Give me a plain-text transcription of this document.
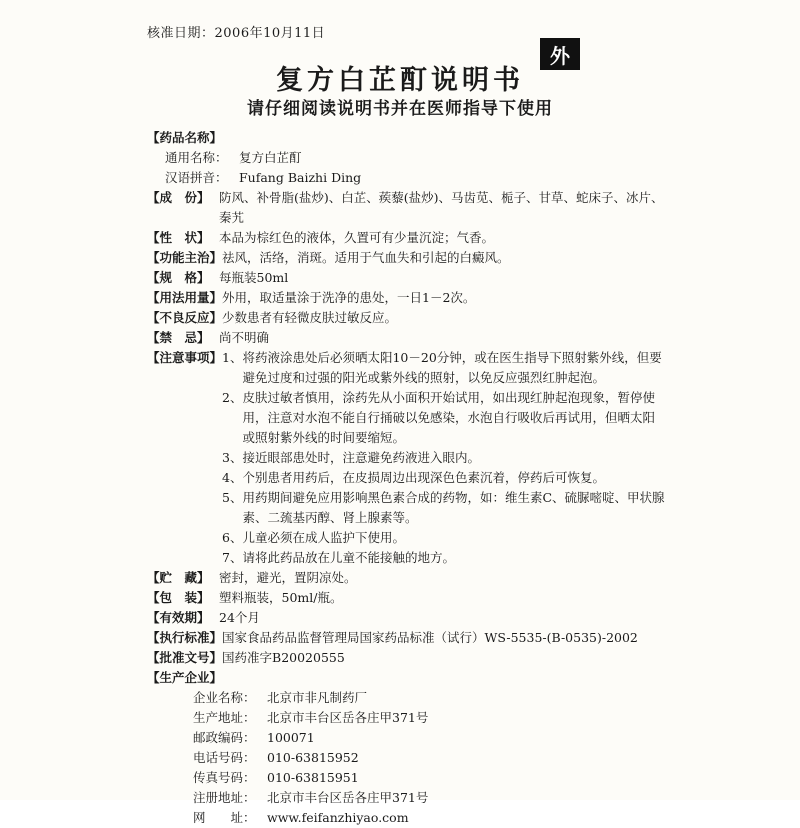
核准日期：2006年10月11日
外
复方白芷酊说明书
请仔细阅读说明书并在医师指导下使用
【药品名称】
通用名称： 复方白芷酊
汉语拼音： Fufang Baizhi Ding
【成　份】 防风、补骨脂(盐炒)、白芷、蒺藜(盐炒)、马齿苋、栀子、甘草、蛇床子、冰片、秦艽
【性　状】 本品为棕红色的液体，久置可有少量沉淀；气香。
【功能主治】 祛风，活络，消斑。适用于气血失和引起的白癜风。
【规　格】 每瓶装50ml
【用法用量】 外用，取适量涂于洗净的患处，一日1－2次。
【不良反应】 少数患者有轻微皮肤过敏反应。
【禁　忌】 尚不明确
【注意事项】 1、 将药液涂患处后必须晒太阳10－20分钟，或在医生指导下照射紫外线，但要避免过度和过强的阳光或紫外线的照射，以免反应强烈红肿起泡。
2、 皮肤过敏者慎用，涂药先从小面积开始试用，如出现红肿起泡现象，暂停使用，注意对水泡不能自行捅破以免感染，水泡自行吸收后再试用，但晒太阳或照射紫外线的时间要缩短。
3、 接近眼部患处时，注意避免药液进入眼内。
4、 个别患者用药后，在皮损周边出现深色色素沉着，停药后可恢复。
5、 用药期间避免应用影响黑色素合成的药物，如：维生素C、硫脲嘧啶、甲状腺素、二巯基丙醇、肾上腺素等。
6、 儿童必须在成人监护下使用。
7、 请将此药品放在儿童不能接触的地方。
【贮　藏】 密封，避光，置阴凉处。
【包　装】 塑料瓶装，50ml/瓶。
【有效期】 24个月
【执行标准】 国家食品药品监督管理局国家药品标准（试行）WS-5535-(B-0535)-2002
【批准文号】 国药准字B20020555
【生产企业】
企业名称： 北京市非凡制药厂
生产地址： 北京市丰台区岳各庄甲371号
邮政编码： 100071
电话号码： 010-63815952
传真号码： 010-63815951
注册地址： 北京市丰台区岳各庄甲371号
网　　址： www.feifanzhiyao.com
